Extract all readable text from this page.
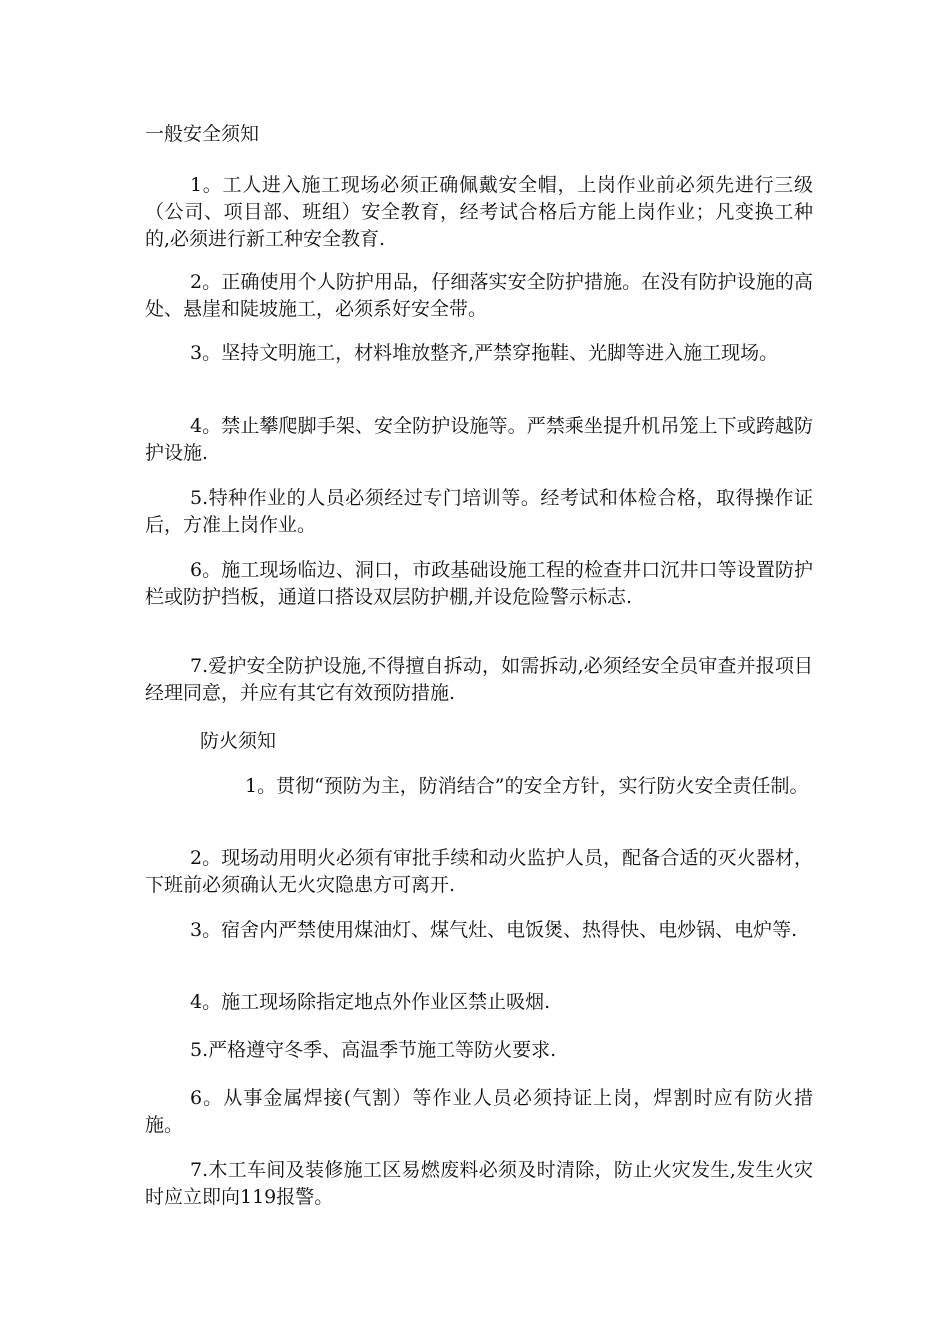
一般安全须知

1。工人进入施工现场必须正确佩戴安全帽，上岗作业前必须先进行三级（公司、项目部、班组）安全教育，经考试合格后方能上岗作业；凡变换工种的,必须进行新工种安全教育.

2。正确使用个人防护用品，仔细落实安全防护措施。在没有防护设施的高处、悬崖和陡坡施工，必须系好安全带。

3。坚持文明施工，材料堆放整齐,严禁穿拖鞋、光脚等进入施工现场。

4。禁止攀爬脚手架、安全防护设施等。严禁乘坐提升机吊笼上下或跨越防护设施.

5.特种作业的人员必须经过专门培训等。经考试和体检合格，取得操作证后，方准上岗作业。

6。施工现场临边、洞口，市政基础设施工程的检查井口沉井口等设置防护栏或防护挡板，通道口搭设双层防护棚,并设危险警示标志.

7.爱护安全防护设施,不得擅自拆动，如需拆动,必须经安全员审查并报项目经理同意，并应有其它有效预防措施.

防火须知

1。贯彻“预防为主，防消结合”的安全方针，实行防火安全责任制。

2。现场动用明火必须有审批手续和动火监护人员，配备合适的灭火器材，下班前必须确认无火灾隐患方可离开.

3。宿舍内严禁使用煤油灯、煤气灶、电饭煲、热得快、电炒锅、电炉等.

4。施工现场除指定地点外作业区禁止吸烟.

5.严格遵守冬季、高温季节施工等防火要求.

6。从事金属焊接(气割）等作业人员必须持证上岗，焊割时应有防火措施。

7.木工车间及装修施工区易燃废料必须及时清除，防止火灾发生,发生火灾时应立即向119报警。
